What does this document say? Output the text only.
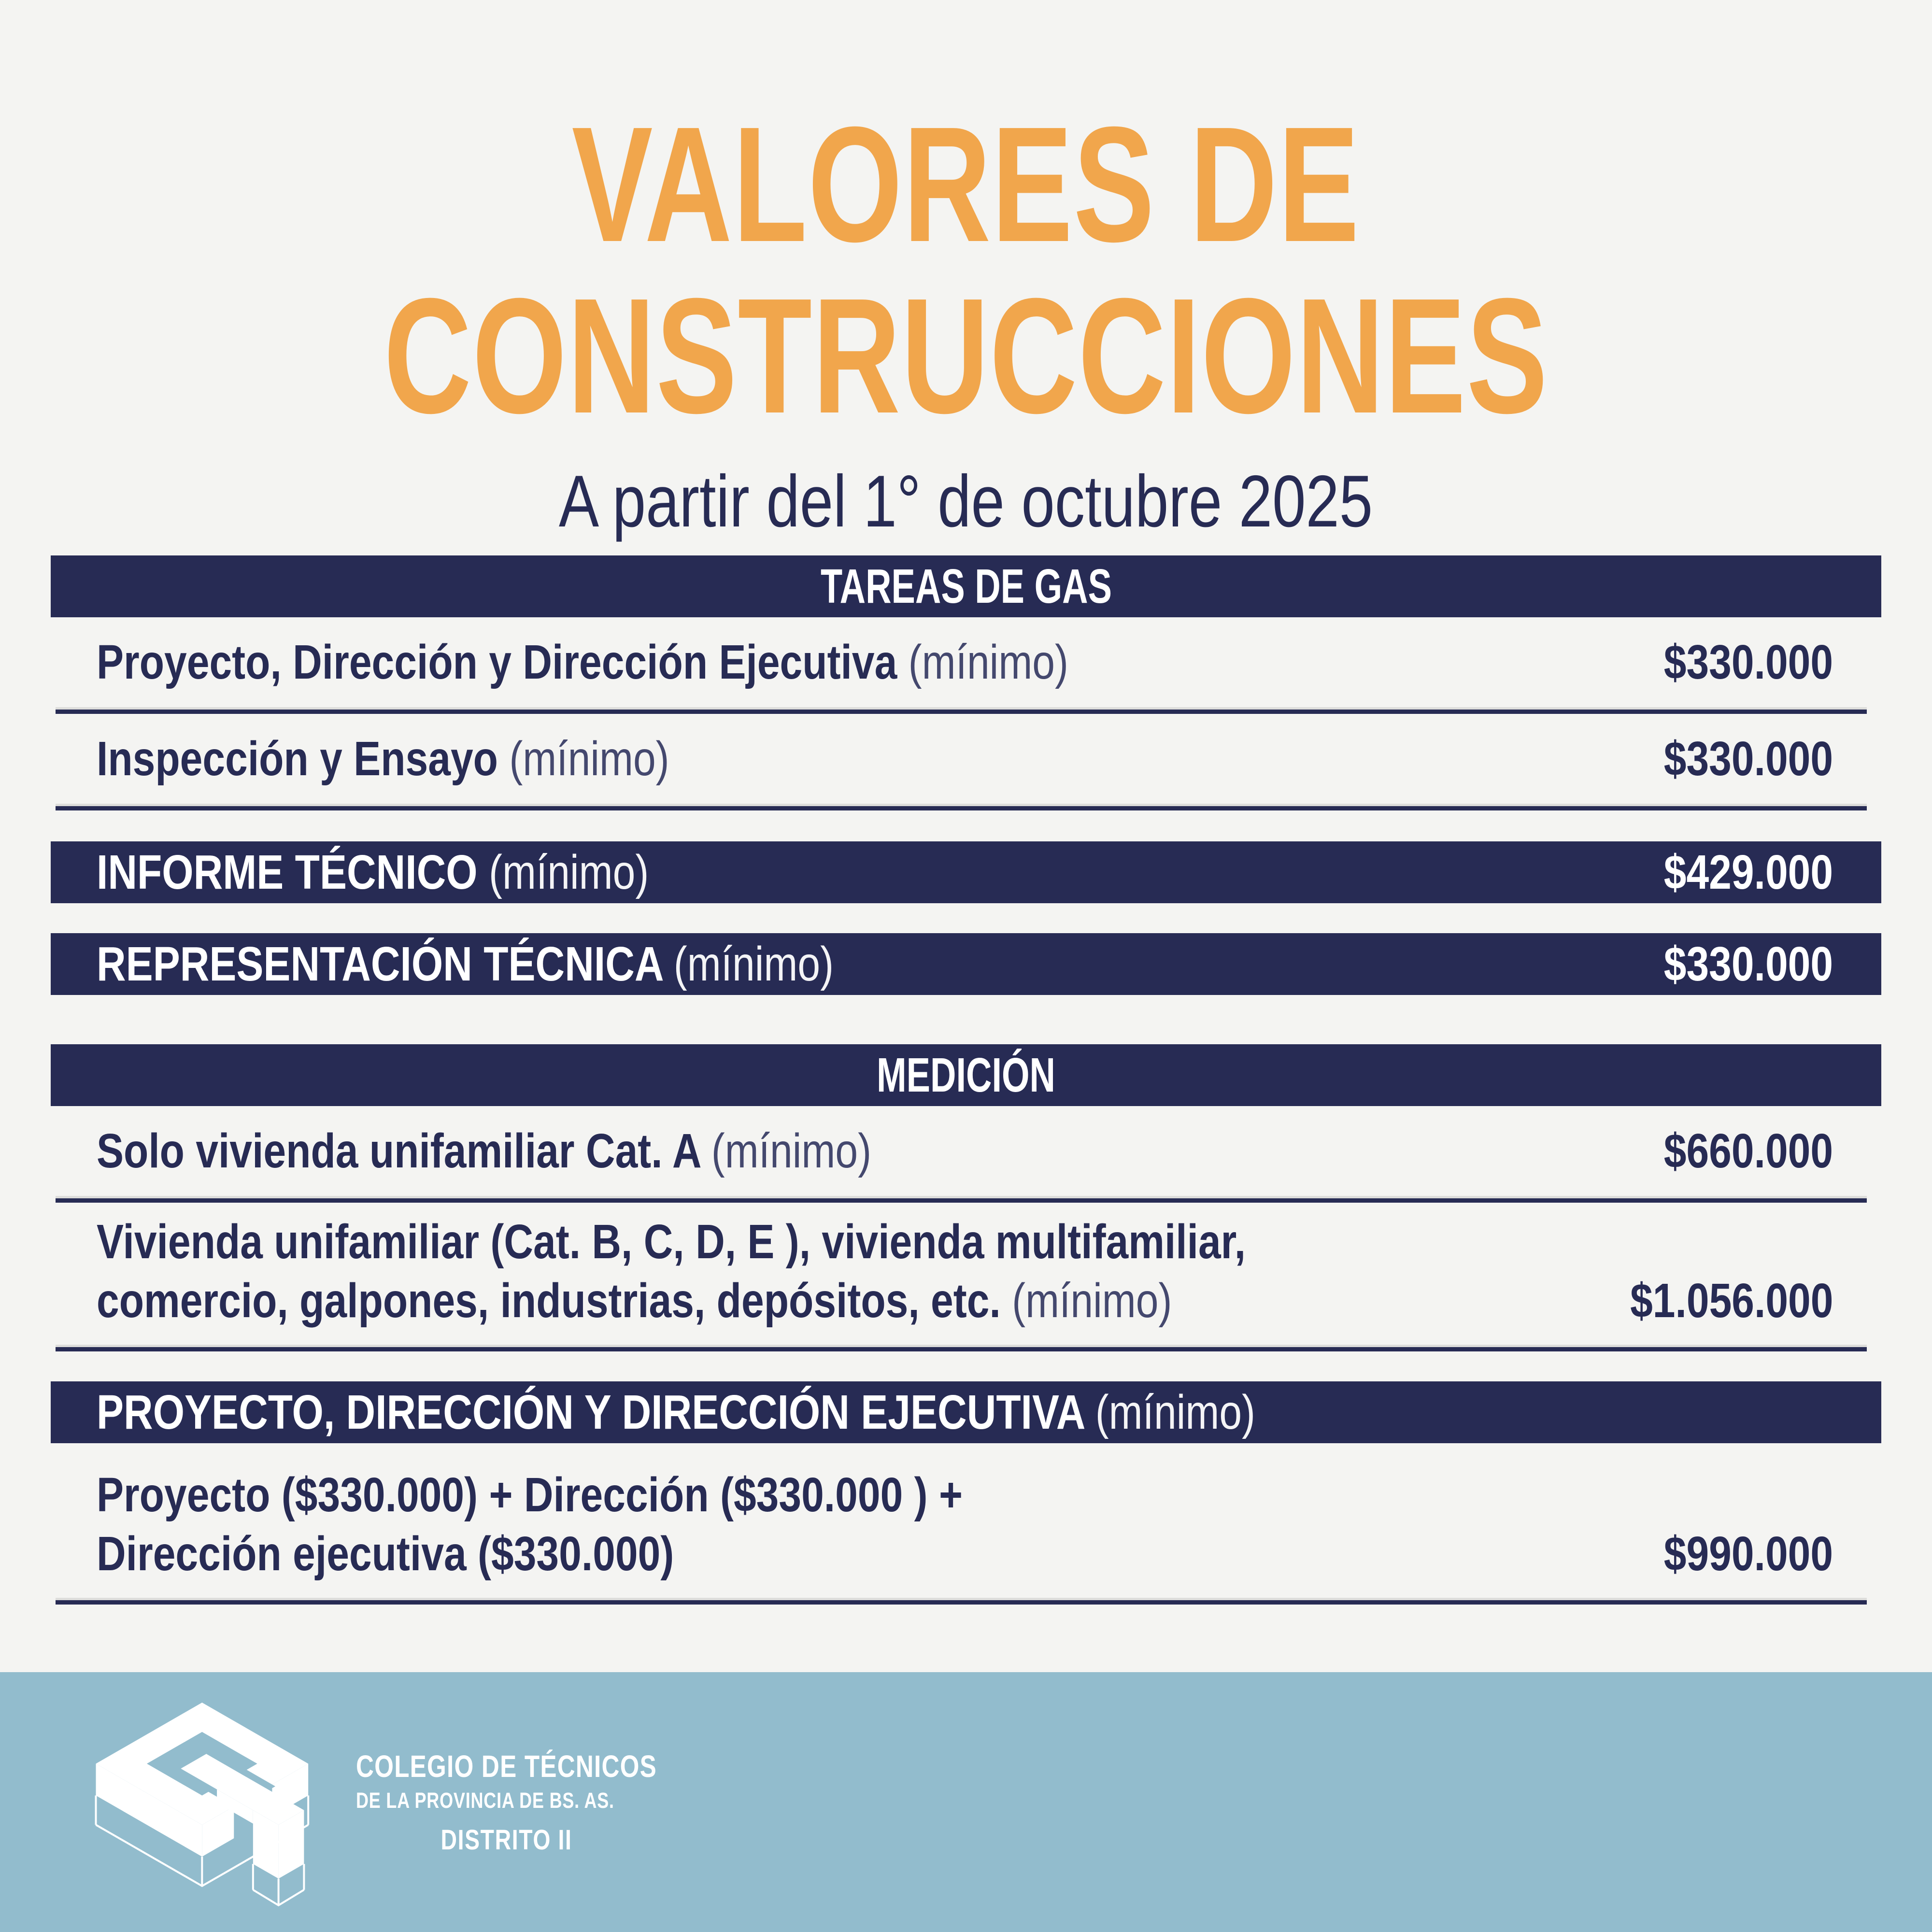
VALORES DE
CONSTRUCCIONES
A partir del 1° de octubre 2025
TAREAS DE GAS
Proyecto, Dirección y Dirección Ejecutiva (mínimo)	$330.000
Inspección y Ensayo (mínimo)	$330.000
INFORME TÉCNICO (mínimo)	$429.000
REPRESENTACIÓN TÉCNICA (mínimo)	$330.000
MEDICIÓN
Solo vivienda unifamiliar Cat. A (mínimo)	$660.000
Vivienda unifamiliar (Cat. B, C, D, E ), vivienda multifamiliar,
comercio, galpones, industrias, depósitos, etc. (mínimo)	$1.056.000
PROYECTO, DIRECCIÓN Y DIRECCIÓN EJECUTIVA (mínimo)
Proyecto ($330.000) + Dirección ($330.000 ) +
Dirección ejecutiva ($330.000)	$990.000
COLEGIO DE TÉCNICOS
DE LA PROVINCIA DE BS. AS.
DISTRITO II
